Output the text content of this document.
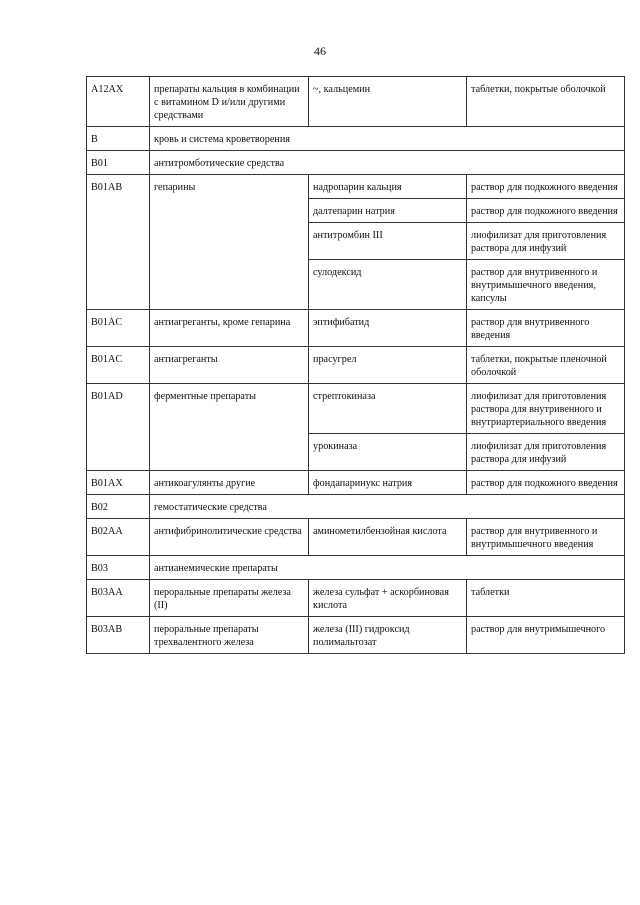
46
A12AX	препараты кальция в комбинации с витамином D и/или другими средствами	~, кальцемин	таблетки, покрытые оболочкой
B	кровь и система кроветворения		
B01	антитромботические средства		
B01AB	гепарины	надропарин кальция	раствор для подкожного введения
		далтепарин натрия	раствор для подкожного введения
		антитромбин III	лиофилизат для приготовления раствора для инфузий
		сулодексид	раствор для внутривенного и внутримышечного введения, капсулы
B01AC	антиагреганты, кроме гепарина	эптифибатид	раствор для внутривенного введения
B01AC	антиагреганты	прасугрел	таблетки, покрытые пленочной оболочкой
B01AD	ферментные препараты	стрептокиназа	лиофилизат для приготовления раствора для внутривенного и внутриартериального введения
		урокиназа	лиофилизат для приготовления раствора для инфузий
B01AX	антикоагулянты другие	фондапаринукс натрия	раствор для подкожного введения
B02	гемостатические средства		
B02AA	антифибринолитические средства	аминометилбензойная кислота	раствор для внутривенного и внутримышечного введения
B03	антианемические препараты		
B03AA	пероральные препараты железа (II)	железа сульфат + аскорбиновая кислота	таблетки
B03AB	пероральные препараты трехвалентного железа	железа (III) гидроксид полимальтозат	раствор для внутримышечного
